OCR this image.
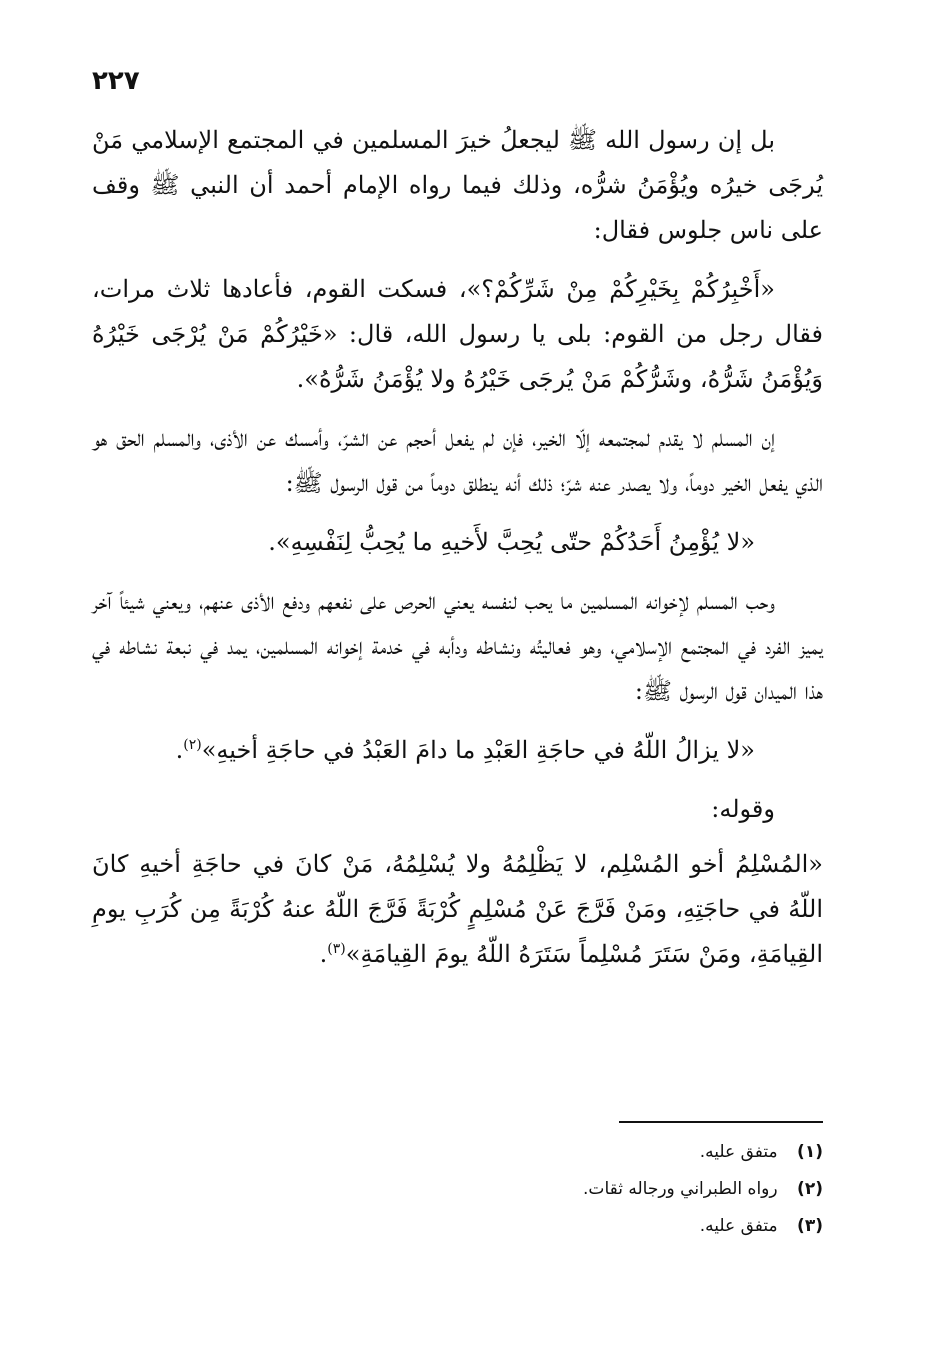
٢٢٧

بل إن رسول الله ﷺ ليجعلُ خيرَ المسلمين في المجتمع الإسلامي مَنْ يُرجَى خيرُه ويُؤْمَنُ شرُّه، وذلك فيما رواه الإمام أحمد أن النبي ﷺ وقف على ناس جلوس فقال:

«أَخْبِرُكُمْ بِخَيْرِكُمْ مِنْ شَرِّكُمْ؟»، فسكت القوم، فأعادها ثلاث مرات، فقال رجل من القوم: بلى يا رسول الله، قال: «خَيْرُكُمْ مَنْ يُرْجَى خَيْرُهُ وَيُؤْمَنُ شَرُّهُ، وشَرُّكُمْ مَنْ يُرجَى خَيْرُهُ ولا يُؤْمَنُ شَرُّهُ».

إن المسلم لا يقدم لمجتمعه إلّا الخير، فإن لم يفعل أحجم عن الشرّ، وأمسك عن الأذى، والمسلم الحق هو الذي يفعل الخير دوماً، ولا يصدر عنه شرّ؛ ذلك أنه ينطلق دوماً من قول الرسول ﷺ:

«لا يُؤْمِنُ أَحَدُكُمْ حتّى يُحِبَّ لأَخيهِ ما يُحِبُّ لِنَفْسِهِ».

وحب المسلم لإخوانه المسلمين ما يحب لنفسه يعني الحرص على نفعهم ودفع الأذى عنهم، ويعني شيئاً آخر يميز الفرد في المجتمع الإسلامي، وهو فعاليتُه ونشاطه ودأبه في خدمة إخوانه المسلمين، يمد في نبعة نشاطه في هذا الميدان قول الرسول ﷺ:

«لا يزالُ اللّهُ في حاجَةِ العَبْدِ ما دامَ العَبْدُ في حاجَةِ أخيهِ»$^{(٢)}$.

وقوله:

«المُسْلِمُ أخو المُسْلِم، لا يَظْلِمُهُ ولا يُسْلِمُهُ، مَنْ كانَ في حاجَةِ أخيهِ كانَ اللّهُ في حاجَتِهِ، ومَنْ فَرَّجَ عَنْ مُسْلِمٍ كُرْبَةً فَرَّجَ اللّهُ عنهُ كُرْبَةً مِن كُرَبِ يومِ القِيامَةِ، ومَنْ سَتَرَ مُسْلِماً سَتَرَهُ اللّهُ يومَ القِيامَةِ»$^{(٣)}$.

(١) متفق عليه.
(٢) رواه الطبراني ورجاله ثقات.
(٣) متفق عليه.
